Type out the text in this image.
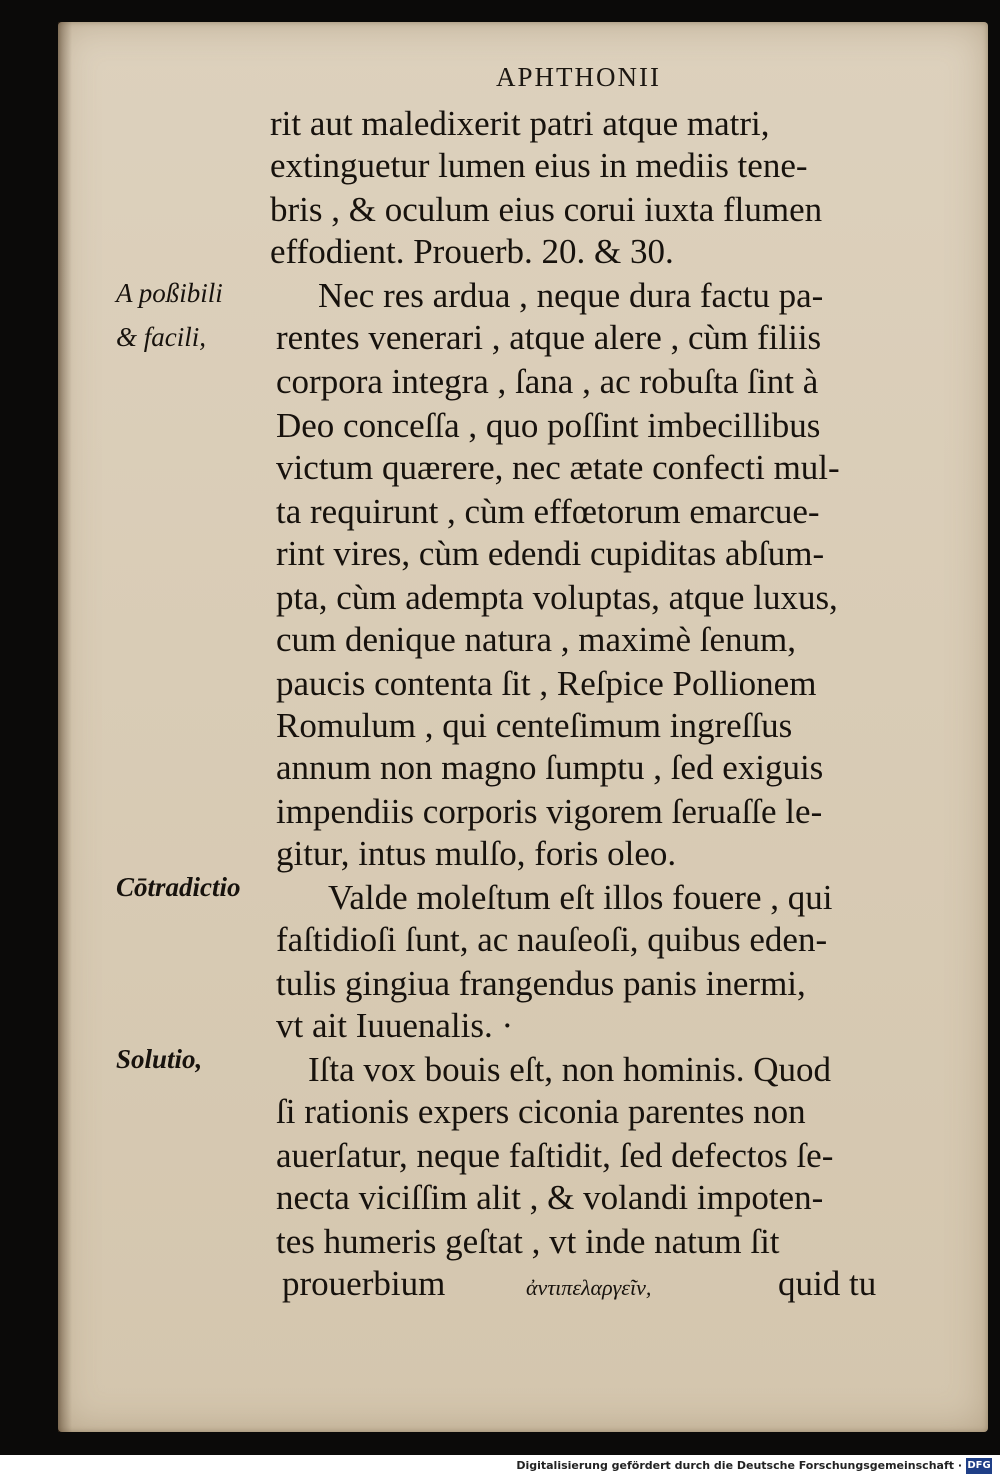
APHTHONII
rit aut maledixerit patri atque matri,
extinguetur lumen eius in mediis tene-
bris , & oculum eius corui iuxta flumen
effodient. Prouerb. 20. & 30.
Nec res ardua , neque dura factu pa-
rentes venerari , atque alere , cùm filiis
corpora integra , ſana , ac robuſta ſint à
Deo conceſſa , quo poſſint imbecillibus
victum quærere, nec ætate confecti mul-
ta requirunt , cùm effœtorum emarcue-
rint vires, cùm edendi cupiditas abſum-
pta, cùm adempta voluptas, atque luxus,
cum denique natura , maximè ſenum,
paucis contenta ſit , Reſpice Pollionem
Romulum , qui centeſimum ingreſſus
annum non magno ſumptu , ſed exiguis
impendiis corporis vigorem ſeruaſſe le-
gitur, intus mulſo, foris oleo.
Valde moleſtum eſt illos fouere , qui
faſtidioſi ſunt, ac nauſeoſi, quibus eden-
tulis gingiua frangendus panis inermi,
vt ait Iuuenalis. ·
Iſta vox bouis eſt, non hominis. Quod
ſi rationis expers ciconia parentes non
auerſatur, neque faſtidit, ſed defectos ſe-
necta viciſſim alit , & volandi impoten-
tes humeris geſtat , vt inde natum ſit
prouerbium	ἀντιπελαργεῖν,	quid tu
A poßibili
& facili,
Cōtradictio
Solutio,
Digitalisierung gefördert durch die Deutsche Forschungsgemeinschaft · DFG
